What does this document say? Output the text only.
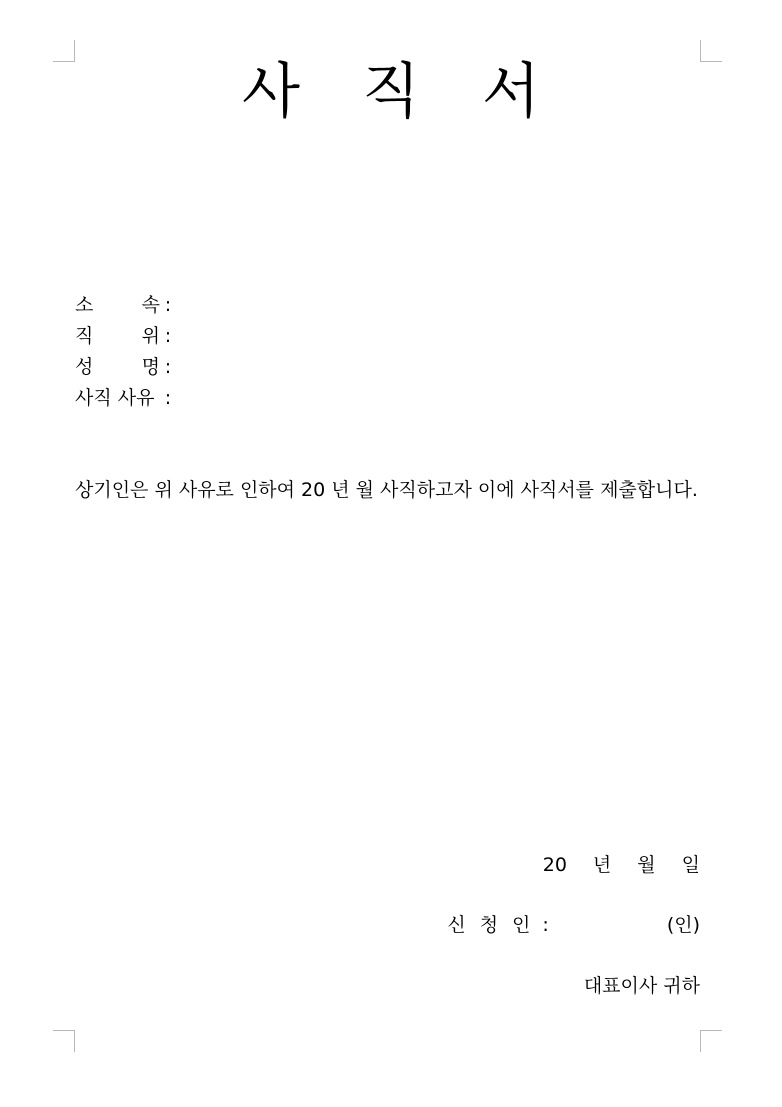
사 직 서
소	속 :
직	위 :
성	명 :
사직 사유 :

상기인은 위 사유로 인하여 20 년 월 사직하고자 이에 사직서를 제출합니다.

20 년 월 일
신 청 인 :	(인)
대표이사 귀하
